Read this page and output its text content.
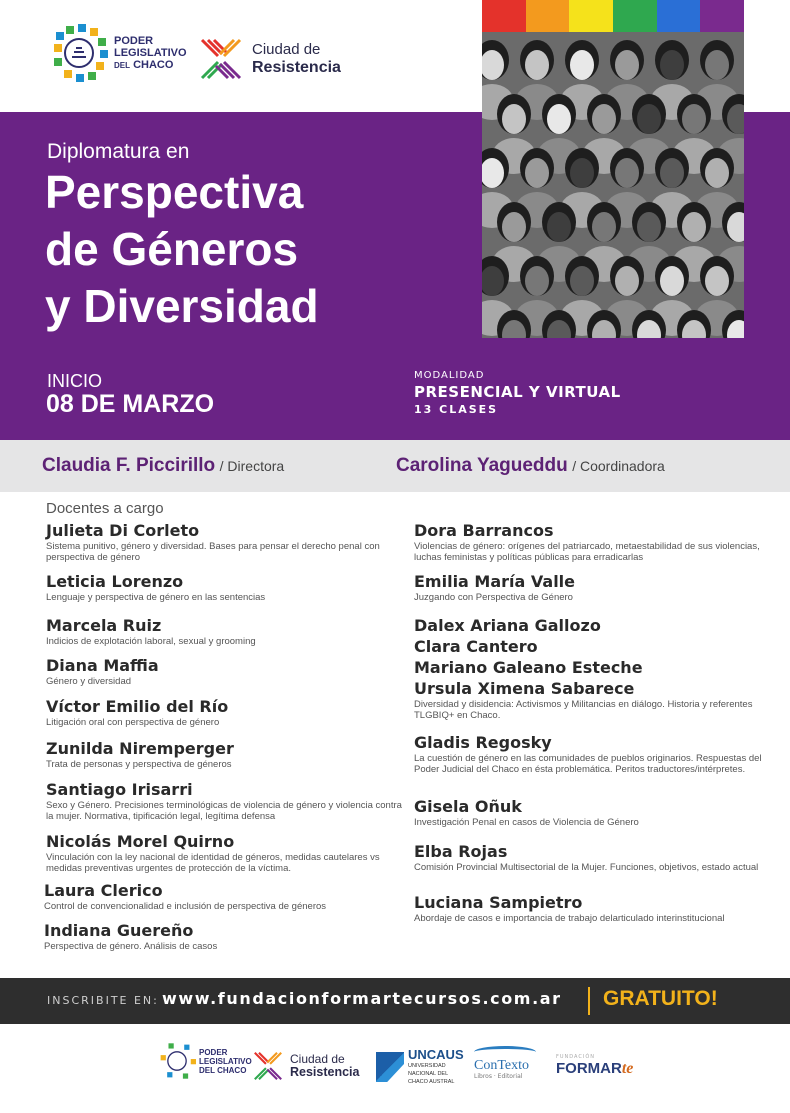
PODER
LEGISLATIVO
DEL CHACO
Ciudad de
Resistencia
Diplomatura en
Perspectiva
de Géneros
y Diversidad
INICIO
08 DE MARZO
MODALIDAD
PRESENCIAL Y VIRTUAL
13 CLASES
Claudia F. Piccirillo / Directora	Carolina Yagueddu / Coordinadora
Docentes a cargo
Julieta Di Corleto
Sistema punitivo, género y diversidad. Bases para pensar el derecho penal con perspectiva de género
Leticia Lorenzo
Lenguaje y perspectiva de género en las sentencias
Marcela Ruiz
Indicios de explotación laboral, sexual y grooming
Diana Maffia
Género y diversidad
Víctor Emilio del Río
Litigación oral con perspectiva de género
Zunilda Niremperger
Trata de personas y perspectiva de géneros
Santiago Irisarri
Sexo y Género. Precisiones terminológicas de violencia de género y violencia contra la mujer. Normativa, tipificación legal, legítima defensa
Nicolás Morel Quirno
Vinculación con la ley nacional de identidad de géneros, medidas cautelares vs medidas preventivas urgentes de protección de la víctima.
Laura Clerico
Control de convencionalidad e inclusión de perspectiva de géneros
Indiana Guereño
Perspectiva de género. Análisis de casos
Dora Barrancos
Violencias de género: orígenes del patriarcado, metaestabilidad de sus violencias, luchas feministas y políticas públicas para erradicarlas
Emilia María Valle
Juzgando con Perspectiva de Género
Dalex Ariana Gallozo
Clara Cantero
Mariano Galeano Esteche
Ursula Ximena Sabarece
Diversidad y disidencia: Activismos y Militancias en diálogo. Historia y referentes TLGBIQ+ en Chaco.
Gladis Regosky
La cuestión de género en las comunidades de pueblos originarios. Respuestas del Poder Judicial del Chaco en ésta problemática. Peritos traductores/intérpretes.
Gisela Oñuk
Investigación Penal en casos de Violencia de Género
Elba Rojas
Comisión Provincial Multisectorial de la Mujer. Funciones, objetivos, estado actual
Luciana Sampietro
Abordaje de casos e importancia de trabajo delarticulado interinstitucional
INSCRIBITE EN: www.fundacionformartecursos.com.ar GRATUITO!
PODER
LEGISLATIVO
DEL CHACO
Ciudad de
Resistencia
UNCAUS
UNIVERSIDAD
NACIONAL DEL
CHACO AUSTRAL
ConTexto
Libros · Editorial
FUNDACIÓN
FORMARte
